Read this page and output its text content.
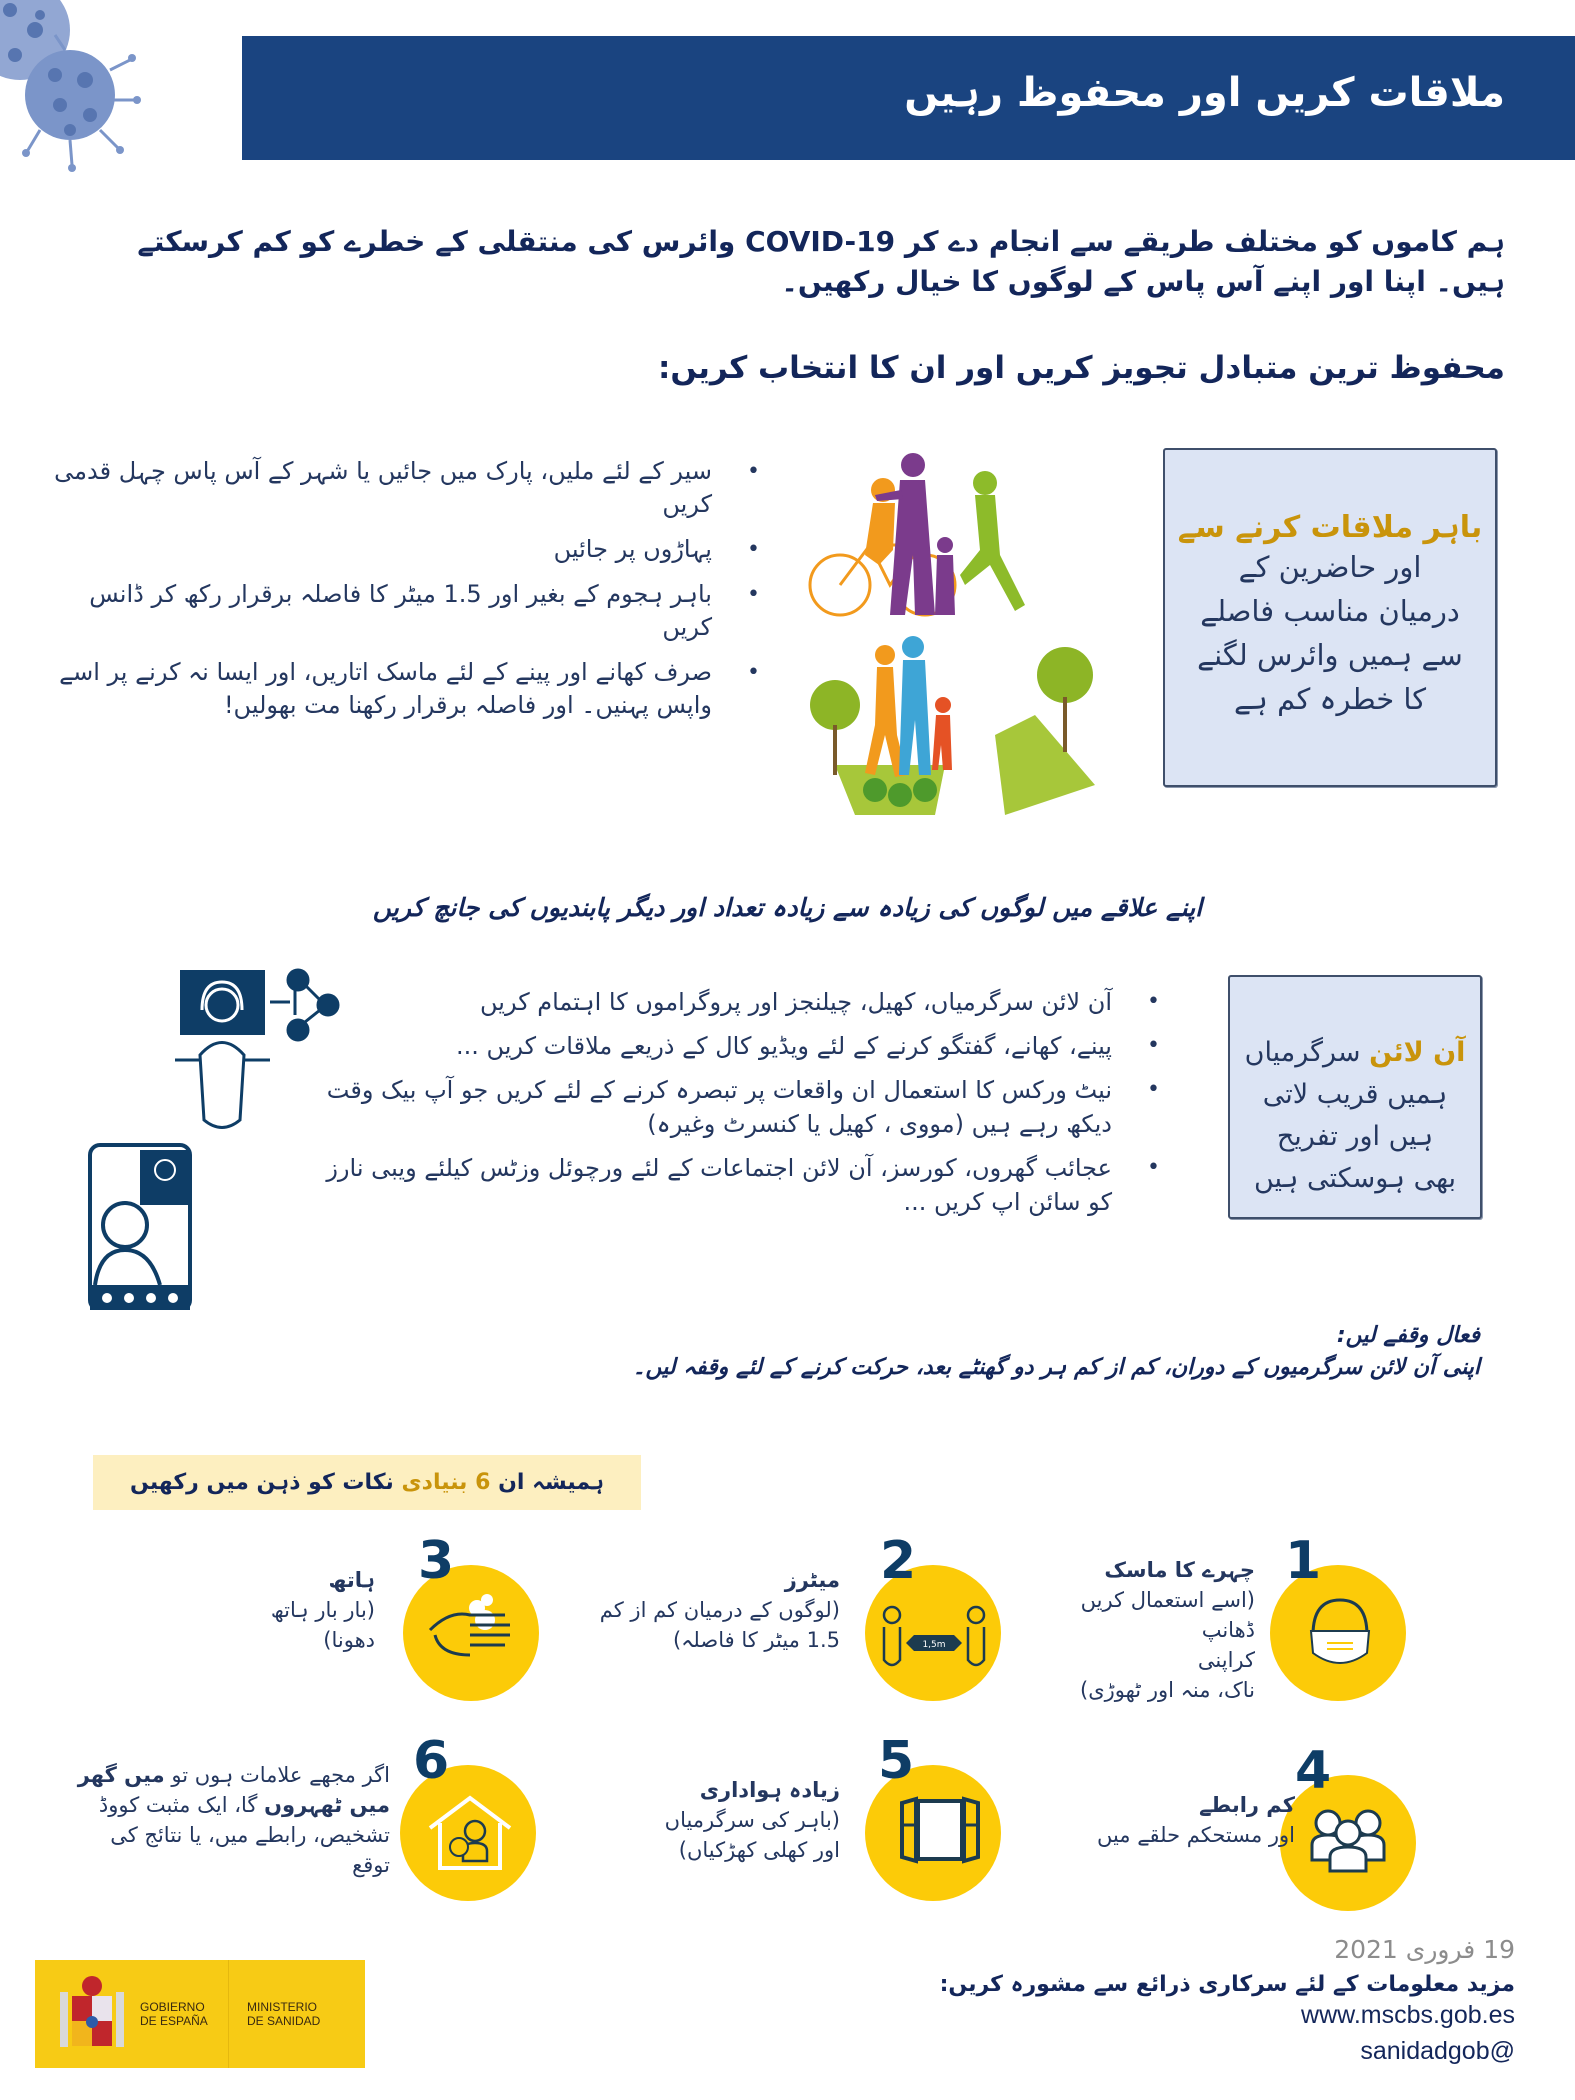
ملاقات کریں اور محفوظ رہیں
ہم کاموں کو مختلف طریقے سے انجام دے کر COVID-19 وائرس کی منتقلی کے خطرے کو کم کرسکتے ہیں۔ اپنا اور اپنے آس پاس کے لوگوں کا خیال رکھیں۔
محفوظ ترین متبادل تجویز کریں اور ان کا انتخاب کریں:
• سیر کے لئے ملیں، پارک میں جائیں یا شہر کے آس پاس چہل قدمی کریں
• پہاڑوں پر جائیں
• باہر ہجوم کے بغیر اور 1.5 میٹر کا فاصلہ برقرار رکھ کر ڈانس کریں
• صرف کھانے اور پینے کے لئے ماسک اتاریں، اور ایسا نہ کرنے پر اسے واپس پہنیں۔ اور فاصلہ برقرار رکھنا مت بھولیں!
باہر ملاقات کرنے سے
اور حاضرین کے
درمیان مناسب فاصلے
سے ہمیں وائرس لگنے
کا خطرہ کم ہے
اپنے علاقے میں لوگوں کی زیادہ سے زیادہ تعداد اور دیگر پابندیوں کی جانچ کریں
• آن لائن سرگرمیاں، کھیل، چیلنجز اور پروگراموں کا اہتمام کریں
• پینے، کھانے، گفتگو کرنے کے لئے ویڈیو کال کے ذریعے ملاقات کریں ...
• نیٹ ورکس کا استعمال ان واقعات پر تبصرہ کرنے کے لئے کریں جو آپ بیک وقت دیکھ رہے ہیں (مووی ، کھیل یا کنسرٹ وغیرہ)
• عجائب گھروں، کورسز، آن لائن اجتماعات کے لئے ورچوئل وزٹس کیلئے ویبی نارز کو سائن اپ کریں ...
آن لائن سرگرمیاں
ہمیں قریب لاتی
ہیں اور تفریح
بھی ہوسکتی ہیں
فعال وقفے لیں:
اپنی آن لائن سرگرمیوں کے دوران، کم از کم ہر دو گھنٹے بعد، حرکت کرنے کے لئے وقفہ لیں۔
ہمیشہ ان 6 بنیادی نکات کو ذہن میں رکھیں
1
چہرے کا ماسک
(اسے استعمال کریں ڈھانپ
کراپنی
ناک، منہ اور ٹھوڑی)
2
1,5m
میٹرز
(لوگوں کے درمیان کم از کم
1.5 میٹر کا فاصلہ)
3
ہاتھ
(بار بار ہاتھ
دھونا)
4
کم رابطے
اور مستحکم حلقے میں
5
زیادہ ہواداری
(باہر کی سرگرمیاں
اور کھلی کھڑکیاں)
6
اگر مجھے علامات ہوں تو میں گھر
میں ٹھہروں گا، ایک مثبت کووڈ
تشخیص، رابطے میں، یا نتائج کی
توقع
GOBIERNO
DE ESPAÑA
MINISTERIO
DE SANIDAD
19 فروری 2021
مزید معلومات کے لئے سرکاری ذرائع سے مشورہ کریں:
www.mscbs.gob.es
sanidadgob@
